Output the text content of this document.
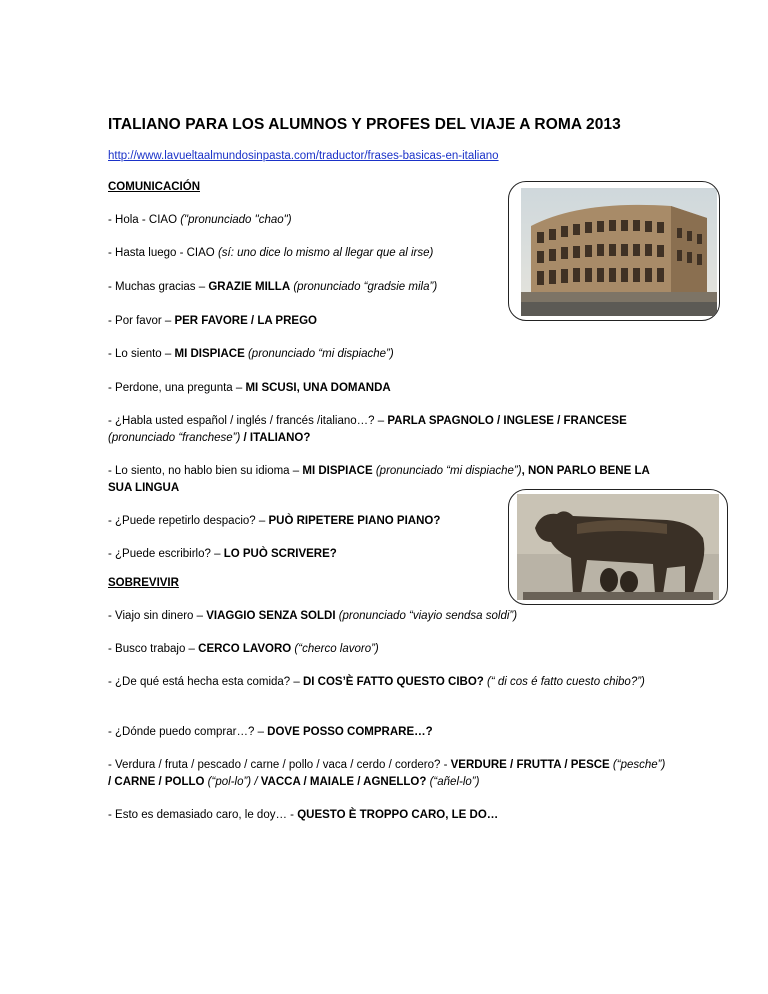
ITALIANO PARA LOS ALUMNOS Y PROFES DEL VIAJE A ROMA 2013
http://www.lavueltaalmundosinpasta.com/traductor/frases-basicas-en-italiano
COMUNICACIÓN
- Hola - CIAO ("pronunciado "chao")
- Hasta luego - CIAO (sí: uno dice lo mismo al llegar que al irse)
- Muchas gracias – GRAZIE MILLA (pronunciado “gradsie mila”)
- Por favor – PER FAVORE / LA PREGO
- Lo siento – MI DISPIACE (pronunciado “mi dispiache”)
- Perdone, una pregunta – MI SCUSI, UNA DOMANDA
- ¿Habla usted español / inglés / francés /italiano…? – PARLA SPAGNOLO / INGLESE / FRANCESE (pronunciado “franchese”) / ITALIANO?
- Lo siento, no hablo bien su idioma – MI DISPIACE (pronunciado “mi dispiache”), NON PARLO BENE LA SUA LINGUA
- ¿Puede repetirlo despacio? – PUÒ RIPETERE PIANO PIANO?
- ¿Puede escribirlo? – LO PUÒ SCRIVERE?
SOBREVIVIR
- Viajo sin dinero – VIAGGIO SENZA SOLDI (pronunciado “viayio sendsa soldi”)
- Busco trabajo – CERCO LAVORO (“cherco lavoro”)
- ¿De qué está hecha esta comida? – DI COS’È FATTO QUESTO CIBO? (“ di cos é fatto cuesto chibo?”)
- ¿Dónde puedo comprar…? – DOVE POSSO COMPRARE…?
- Verdura / fruta / pescado / carne / pollo / vaca / cerdo / cordero? - VERDURE / FRUTTA / PESCE (“pesche”) / CARNE / POLLO (“pol-lo”) / VACCA / MAIALE / AGNELLO? (“añel-lo”)
- Esto es demasiado caro, le doy… - QUESTO È TROPPO CARO, LE DO…
